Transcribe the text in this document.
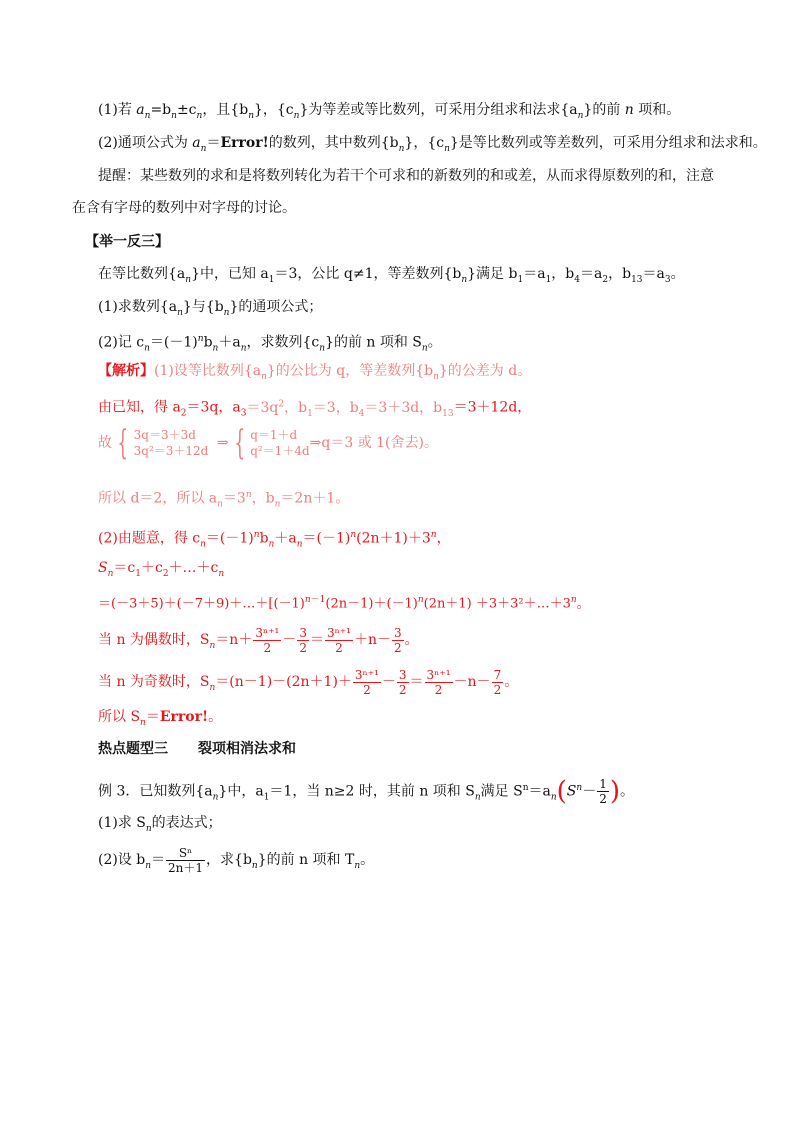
(1)若 $a_n=b_n\pm c_n$，且$\{b_n\}$，$\{c_n\}$为等差或等比数列，可采用分组求和法求$\{a_n\}$的前 n 项和。
(2)通项公式为 $a_n=Error$!的数列，其中数列$\{b_n\}$，$\{c_n\}$是等比数列或等差数列，可采用分组求和法求和。
提醒：某些数列的求和是将数列转化为若干个可求和的新数列的和或差，从而求得原数列的和，注意
在含有字母的数列中对字母的讨论。
【举一反三】
在等比数列$\{a_n\}$中，已知 $a_1=3$，公比 q≠1，等差数列$\{b_n\}$满足 $b_1=a_1$，$b_4=a_2$，$b_{13}=a_3$。
(1)求数列$\{a_n\}$与$\{b_n\}$的通项公式；
(2)记 $c_n=(-1)^nb_n+a_n$，求数列$\{c_n\}$的前 n 项和 $S_n$。
【解析】(1)设等比数列$\{a_n\}$的公比为 q，等差数列$\{b_n\}$的公差为 d。
由已知，得 $a_2=3q$，$a_3=3q^2$，$b_1=3$，$b_4=3+3d$，$b_{13}=3+12d$，
故 { 3q＝3＋3d
3q²＝3＋12d ⇒ { q＝1＋d
q²＝1＋4d ⇒q＝3 或 1(舍去)。
所以 d＝2，所以 $a_n=3^n$，$b_n=2n+1$。
(2)由题意，得 $c_n=(-1)^nb_n+a_n=(-1)^n(2n+1)+3^n$，
$S_n=c_1+c_2+\dots+c_n$
$=(-3+5)+(-7+9)+\dots+[(-1)^{n-1}(2n-1)+(-1)^n(2n+1)$ $+3+3^2+\dots+3^n$。
当 n 为偶数时，$S_n=n+ \frac{\text{3ⁿ⁺¹}}{2} - \frac{3}{2} = \frac{\text{3ⁿ⁺¹}}{2} +n- \frac{3}{2}$ 。
当 n 为奇数时，$S_n=(n-1)-(2n+1)+ \frac{\text{3ⁿ⁺¹}}{2} - \frac{3}{2} = \frac{\text{3ⁿ⁺¹}}{2} -n- \frac{7}{2}$ 。
所以 $S_n=Error$!。
热点题型三 裂项相消法求和
例 3．已知数列$\{a_n\}$中，$a_1=1$，当 n≥2 时，其前 n 项和 $S_n$满足 $S^n=a_n(S^n- \frac{1}{2}$ )。
(1)求 $S_n$的表达式；
(2)设 $b_n= \frac{\text{Sⁿ}}{2n+1}$ ，求$\{b_n\}$的前 n 项和 $T_n$。
